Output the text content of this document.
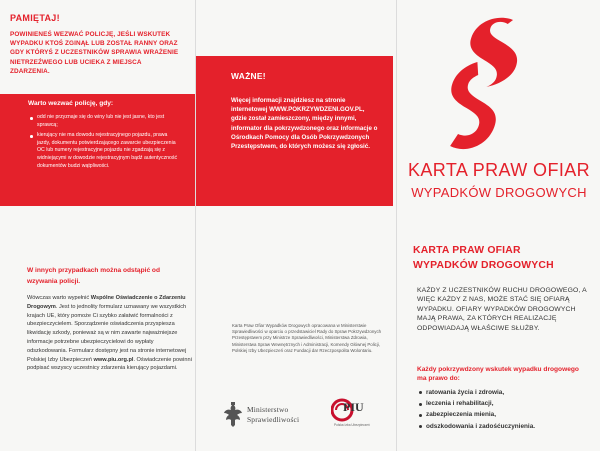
PAMIĘTAJ!
POWINIENEŚ WEZWAĆ POLICJĘ, JEŚLI WSKUTEK WYPADKU KTOŚ ZGINĄŁ LUB ZOSTAŁ RANNY ORAZ GDY KTÓRYŚ Z UCZESTNIKÓW SPRAWIA WRAŻENIE NIETRZEŹWEGO LUB UCIEKA Z MIEJSCA ZDARZENIA.
Warto wezwać policję, gdy:
odd nie przyznaje się do winy lub nie jest jasne, kto jest sprawcą;
kierujący nie ma dowodu rejestracyjnego pojazdu, prawa jazdy, dokumentu potwierdzającego zawarcie ubezpieczenia OC lub numery rejestracyjne pojazdu nie zgadzają się z widniejącymi w dowodzie rejestracyjnym bądź autentyczność dokumentów budzi wątpliwości.
W innych przypadkach można odstąpić od wzywania policji.
Wówczas warto wypełnić Wspólne Oświadczenie o Zdarzeniu Drogowym. Jest to jednolity formularz uznawany we wszystkich krajach UE, który pomoże Ci szybko załatwić formalności z ubezpieczycielem. Sporządzenie oświadczenia przyspiesza likwidację szkody, ponieważ są w nim zawarte najważniejsze informacje potrzebne ubezpieczycielowi do wypłaty odszkodowania. Formularz dostępny jest na stronie internetowej Polskiej Izby Ubezpieczeń www.piu.org.pl. Oświadczenie powinni podpisać wszyscy uczestnicy zdarzenia kierujący pojazdami.
WAŻNE!
Więcej informacji znajdziesz na stronie internetowej WWW.POKRZYWDZENI.GOV.PL, gdzie został zamieszczony, między innymi, informator dla pokrzywdzonego oraz informacje o Ośrodkach Pomocy dla Osób Pokrzywdzonych Przestępstwem, do których możesz się zgłosić.
Karta Praw Ofiar Wypadków Drogowych opracowana w Ministerstwie Sprawiedliwości w oparciu o przedstawiciel Rady do Spraw Pokrzywdzonych Przestępstwem przy Ministrze Sprawiedliwości, Ministerstwa Zdrowia, Ministerstwa Spraw Wewnętrznych i Administracji, Komendy Głównej Policji, Polskiej Izby Ubezpieczeń oraz Fundacji dar Rzeczpospolita Wolontariu.
Ministerstwo
Sprawiedliwości
PIU
Polska Izba Ubezpieczeń
KARTA PRAW OFIAR
WYPADKÓW DROGOWYCH
KARTA PRAW OFIAR
WYPADKÓW DROGOWYCH
KAŻDY Z UCZESTNIKÓW RUCHU DROGOWEGO, A WIĘC KAŻDY Z NAS, MOŻE STAĆ SIĘ OFIARĄ WYPADKU. OFIARY WYPADKÓW DROGOWYCH MAJĄ PRAWA, ZA KTÓRYCH REALIZACJĘ ODPOWIADAJĄ WŁAŚCIWE SŁUŻBY.
Każdy pokrzywdzony wskutek wypadku drogowego ma prawo do:
ratowania życia i zdrowia,
leczenia i rehabilitacji,
zabezpieczenia mienia,
odszkodowania i zadośćuczynienia.
